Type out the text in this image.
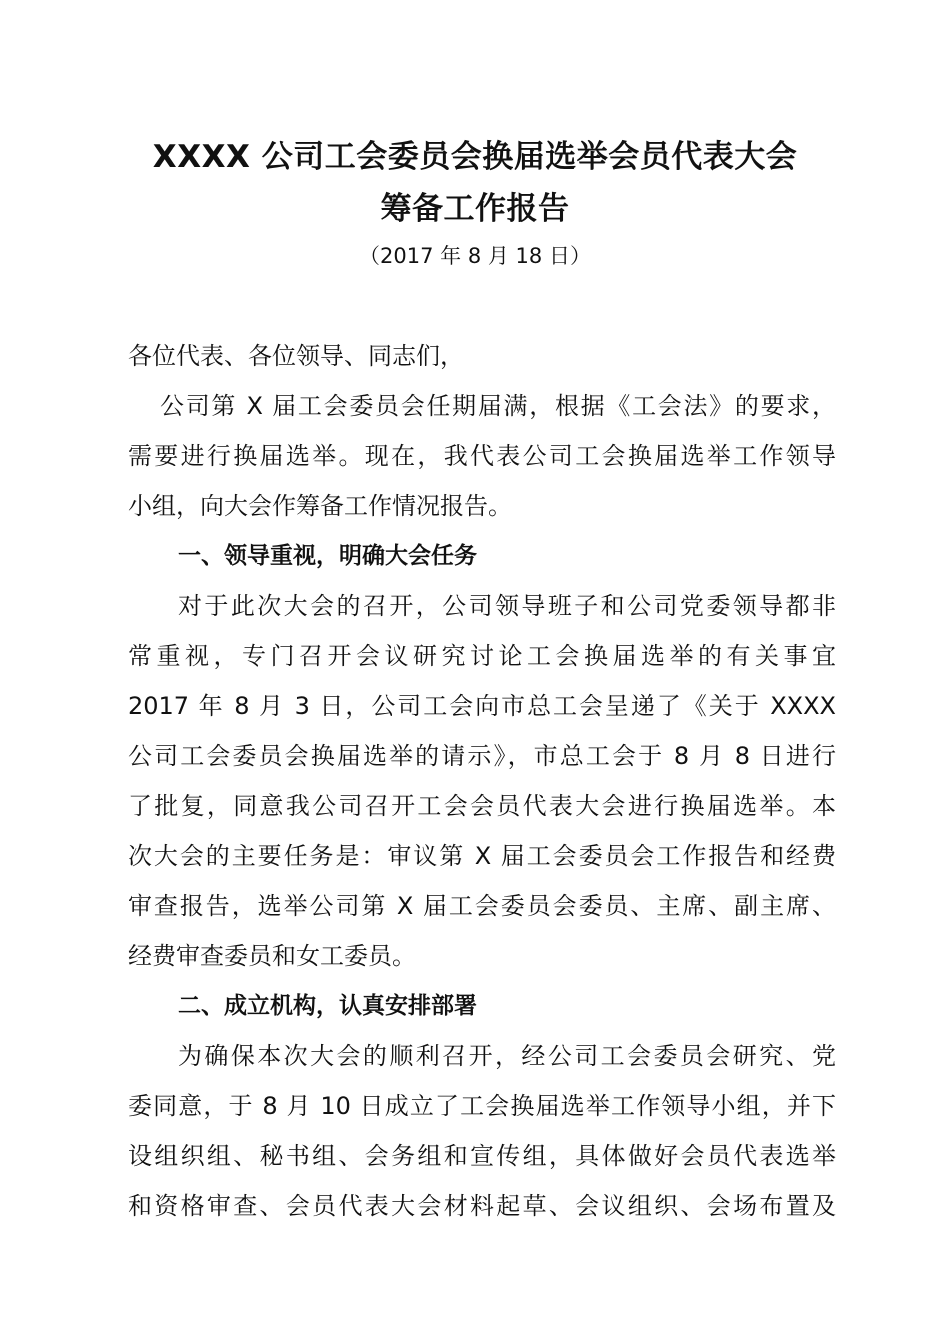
XXXX 公司工会委员会换届选举会员代表大会
筹备工作报告
（2017 年 8 月 18 日）
各位代表、各位领导、同志们，
公司第 X 届工会委员会任期届满，根据《工会法》的要求，
需要进行换届选举。现在，我代表公司工会换届选举工作领导
小组，向大会作筹备工作情况报告。
一、领导重视，明确大会任务
对于此次大会的召开，公司领导班子和公司党委领导都非
常重视，专门召开会议研究讨论工会换届选举的有关事宜
2017 年 8 月 3 日，公司工会向市总工会呈递了《关于 XXXX
公司工会委员会换届选举的请示》，市总工会于 8 月 8 日进行
了批复，同意我公司召开工会会员代表大会进行换届选举。本
次大会的主要任务是：审议第 X 届工会委员会工作报告和经费
审查报告，选举公司第 X 届工会委员会委员、主席、副主席、
经费审查委员和女工委员。
二、成立机构，认真安排部署
为确保本次大会的顺利召开，经公司工会委员会研究、党
委同意，于 8 月 10 日成立了工会换届选举工作领导小组，并下
设组织组、秘书组、会务组和宣传组，具体做好会员代表选举
和资格审查、会员代表大会材料起草、会议组织、会场布置及
